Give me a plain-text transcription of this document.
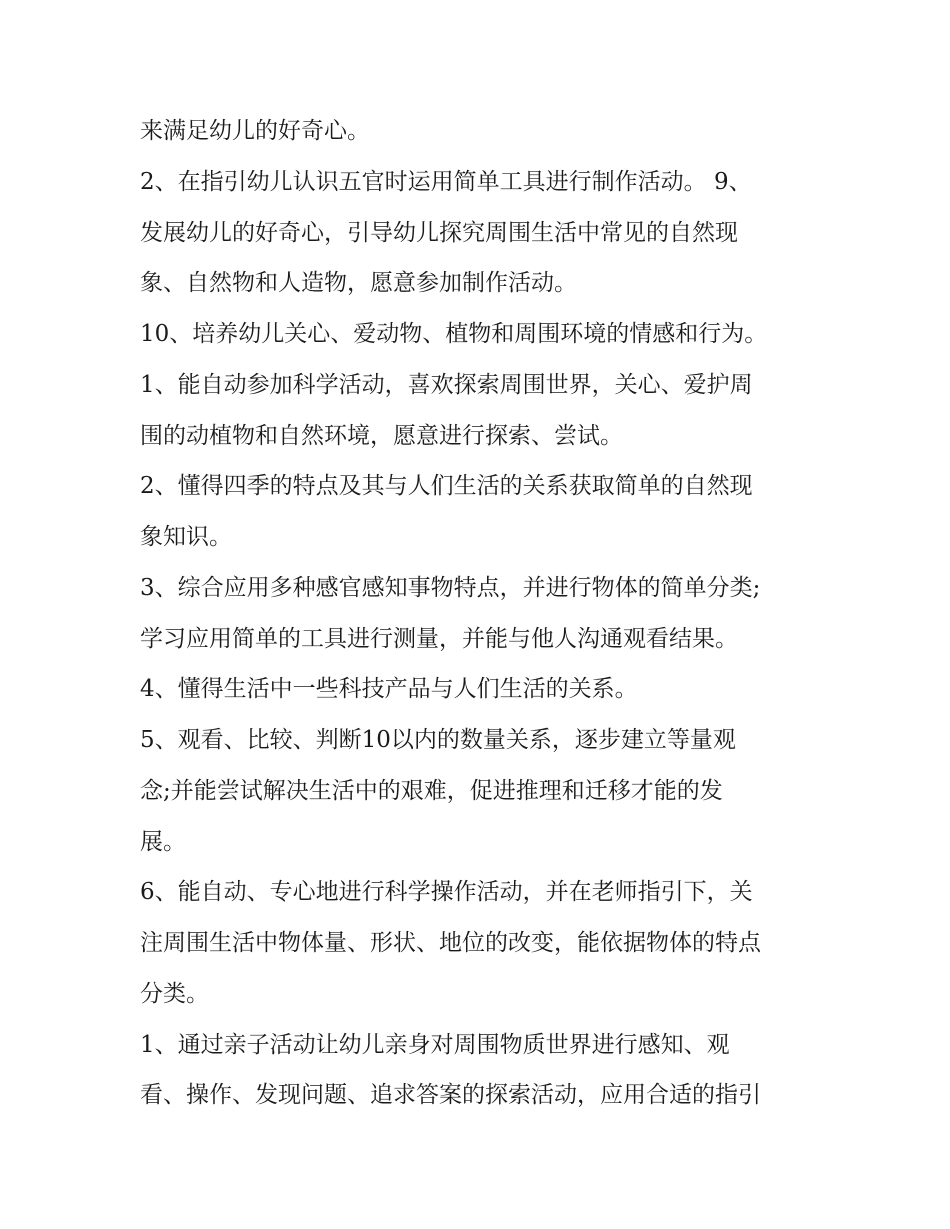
来满足幼儿的好奇心。
2、在指引幼儿认识五官时运用简单工具进行制作活动。 9、
发展幼儿的好奇心，引导幼儿探究周围生活中常见的自然现
象、自然物和人造物，愿意参加制作活动。
10、培养幼儿关心、爱动物、植物和周围环境的情感和行为。
1、能自动参加科学活动，喜欢探索周围世界，关心、爱护周
围的动植物和自然环境，愿意进行探索、尝试。
2、懂得四季的特点及其与人们生活的关系获取简单的自然现
象知识。
3、综合应用多种感官感知事物特点，并进行物体的简单分类;
学习应用简单的工具进行测量，并能与他人沟通观看结果。
4、懂得生活中一些科技产品与人们生活的关系。
5、观看、比较、判断10以内的数量关系，逐步建立等量观
念;并能尝试解决生活中的艰难，促进推理和迁移才能的发
展。
6、能自动、专心地进行科学操作活动，并在老师指引下，关
注周围生活中物体量、形状、地位的改变，能依据物体的特点
分类。
1、通过亲子活动让幼儿亲身对周围物质世界进行感知、观
看、操作、发现问题、追求答案的探索活动，应用合适的指引
